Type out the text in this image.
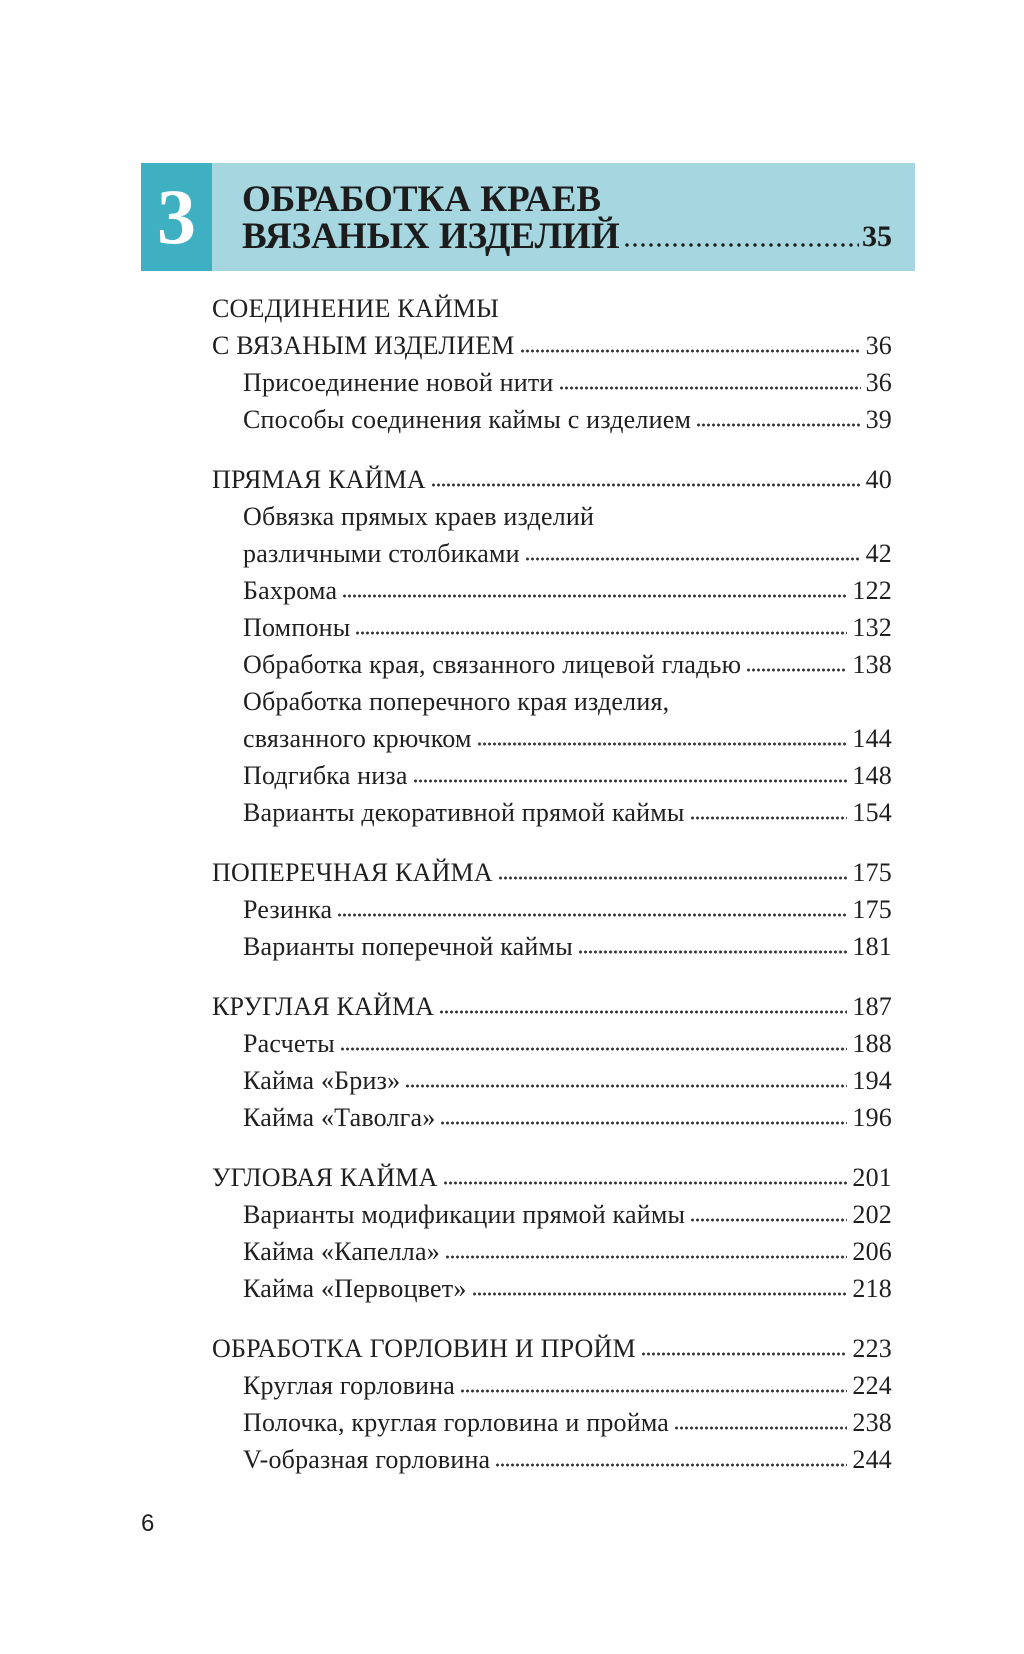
3	ОБРАБОТКА КРАЕВ
ВЯЗАНЫХ ИЗДЕЛИЙ	35
СОЕДИНЕНИЕ КАЙМЫ
С ВЯЗАНЫМ ИЗДЕЛИЕМ	36
Присоединение новой нити	36
Способы соединения каймы с изделием	39
ПРЯМАЯ КАЙМА	40
Обвязка прямых краев изделий
различными столбиками	42
Бахрома	122
Помпоны	132
Обработка края, связанного лицевой гладью	138
Обработка поперечного края изделия,
связанного крючком	144
Подгибка низа	148
Варианты декоративной прямой каймы	154
ПОПЕРЕЧНАЯ КАЙМА	175
Резинка	175
Варианты поперечной каймы	181
КРУГЛАЯ КАЙМА	187
Расчеты	188
Кайма «Бриз»	194
Кайма «Таволга»	196
УГЛОВАЯ КАЙМА	201
Варианты модификации прямой каймы	202
Кайма «Капелла»	206
Кайма «Первоцвет»	218
ОБРАБОТКА ГОРЛОВИН И ПРОЙМ	223
Круглая горловина	224
Полочка, круглая горловина и пройма	238
V-образная горловина	244
6
